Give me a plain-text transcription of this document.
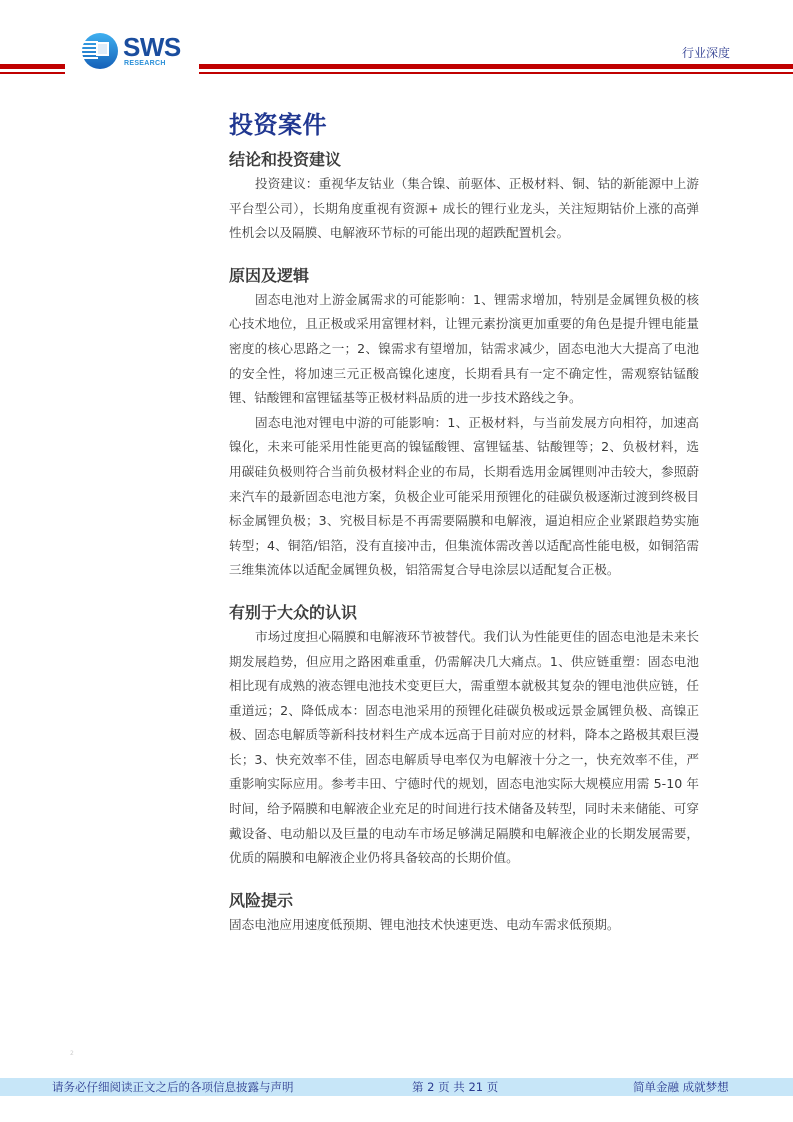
SWS
RESEARCH
行业深度
投资案件
结论和投资建议

投资建议：重视华友钴业（集合镍、前驱体、正极材料、铜、钴的新能源中上游平台型公司），长期角度重视有资源+ 成长的锂行业龙头，关注短期钴价上涨的高弹性机会以及隔膜、电解液环节标的可能出现的超跌配置机会。

原因及逻辑

固态电池对上游金属需求的可能影响：1、锂需求增加，特别是金属锂负极的核心技术地位，且正极或采用富锂材料，让锂元素扮演更加重要的角色是提升锂电能量密度的核心思路之一；2、镍需求有望增加，钴需求减少，固态电池大大提高了电池的安全性，将加速三元正极高镍化速度，长期看具有一定不确定性，需观察钴锰酸锂、钴酸锂和富锂锰基等正极材料品质的进一步技术路线之争。

固态电池对锂电中游的可能影响：1、正极材料，与当前发展方向相符，加速高镍化，未来可能采用性能更高的镍锰酸锂、富锂锰基、钴酸锂等；2、负极材料，选用碳硅负极则符合当前负极材料企业的布局，长期看选用金属锂则冲击较大，参照蔚来汽车的最新固态电池方案，负极企业可能采用预锂化的硅碳负极逐渐过渡到终极目标金属锂负极；3、究极目标是不再需要隔膜和电解液，逼迫相应企业紧跟趋势实施转型；4、铜箔/铝箔，没有直接冲击，但集流体需改善以适配高性能电极，如铜箔需三维集流体以适配金属锂负极，铝箔需复合导电涂层以适配复合正极。

有别于大众的认识

市场过度担心隔膜和电解液环节被替代。我们认为性能更佳的固态电池是未来长期发展趋势，但应用之路困难重重，仍需解决几大痛点。1、供应链重塑：固态电池相比现有成熟的液态锂电池技术变更巨大，需重塑本就极其复杂的锂电池供应链，任重道远；2、降低成本：固态电池采用的预锂化硅碳负极或远景金属锂负极、高镍正极、固态电解质等新科技材料生产成本远高于目前对应的材料，降本之路极其艰巨漫长；3、快充效率不佳，固态电解质导电率仅为电解液十分之一，快充效率不佳，严重影响实际应用。参考丰田、宁德时代的规划，固态电池实际大规模应用需 5-10 年时间，给予隔膜和电解液企业充足的时间进行技术储备及转型，同时未来储能、可穿戴设备、电动船以及巨量的电动车市场足够满足隔膜和电解液企业的长期发展需要，优质的隔膜和电解液企业仍将具备较高的长期价值。

风险提示

固态电池应用速度低预期、锂电池技术快速更迭、电动车需求低预期。

2
请务必仔细阅读正文之后的各项信息披露与声明	第 2 页 共 21 页	简单金融 成就梦想
